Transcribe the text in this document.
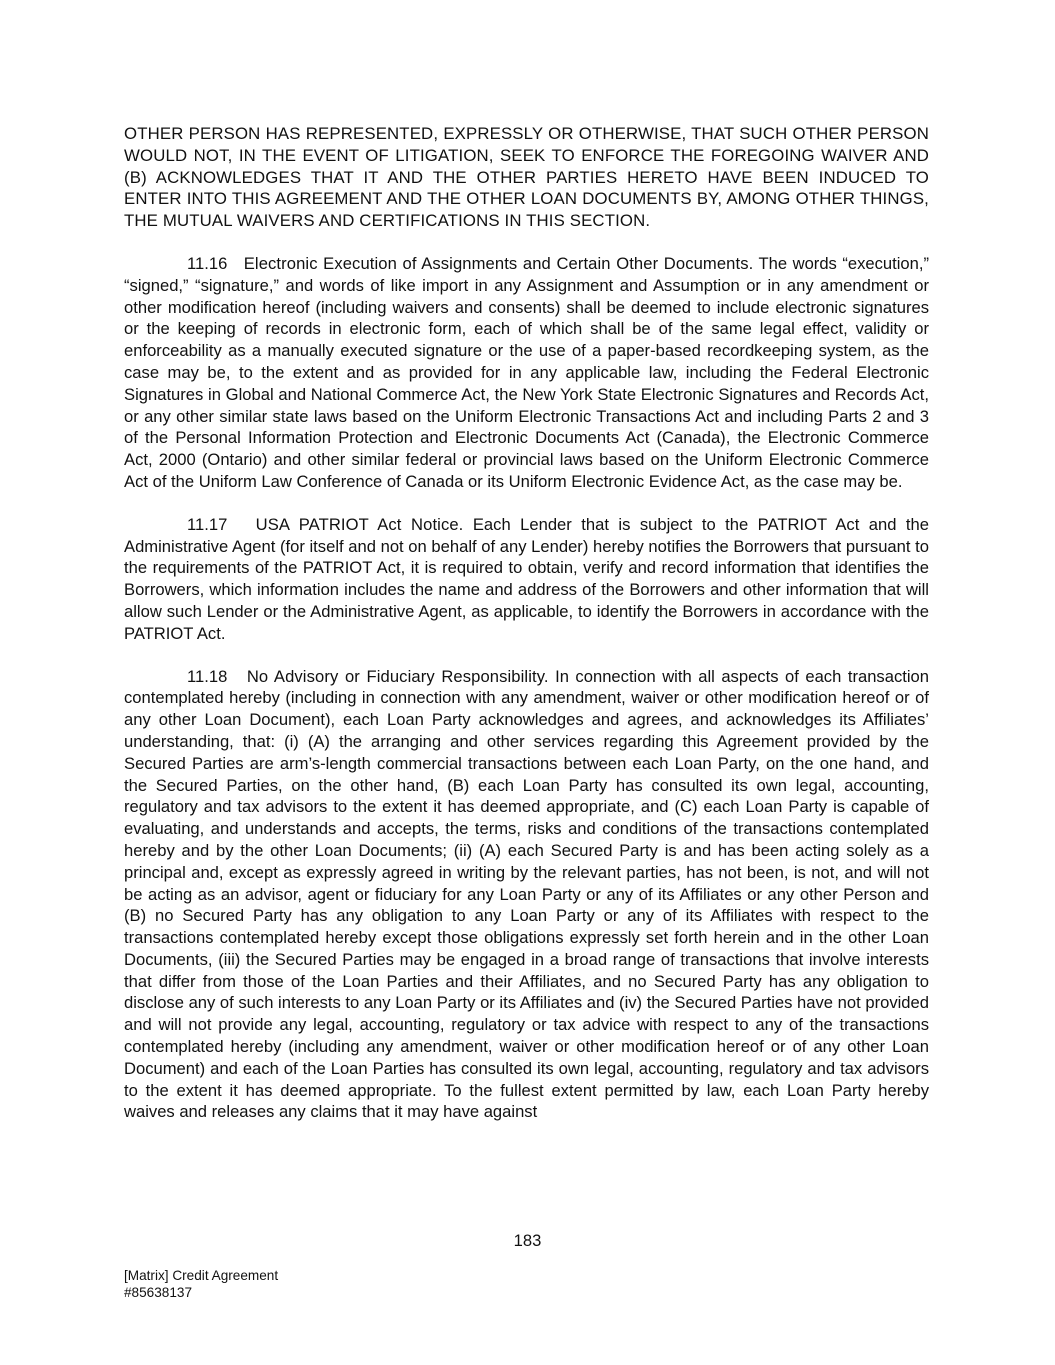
OTHER PERSON HAS REPRESENTED, EXPRESSLY OR OTHERWISE, THAT SUCH OTHER PERSON WOULD NOT, IN THE EVENT OF LITIGATION, SEEK TO ENFORCE THE FOREGOING WAIVER AND (B) ACKNOWLEDGES THAT IT AND THE OTHER PARTIES HERETO HAVE BEEN INDUCED TO ENTER INTO THIS AGREEMENT AND THE OTHER LOAN DOCUMENTS BY, AMONG OTHER THINGS, THE MUTUAL WAIVERS AND CERTIFICATIONS IN THIS SECTION.

11.16 Electronic Execution of Assignments and Certain Other Documents. The words “execution,” “signed,” “signature,” and words of like import in any Assignment and Assumption or in any amendment or other modification hereof (including waivers and consents) shall be deemed to include electronic signatures or the keeping of records in electronic form, each of which shall be of the same legal effect, validity or enforceability as a manually executed signature or the use of a paper-based recordkeeping system, as the case may be, to the extent and as provided for in any applicable law, including the Federal Electronic Signatures in Global and National Commerce Act, the New York State Electronic Signatures and Records Act, or any other similar state laws based on the Uniform Electronic Transactions Act and including Parts 2 and 3 of the Personal Information Protection and Electronic Documents Act (Canada), the Electronic Commerce Act, 2000 (Ontario) and other similar federal or provincial laws based on the Uniform Electronic Commerce Act of the Uniform Law Conference of Canada or its Uniform Electronic Evidence Act, as the case may be.

11.17 USA PATRIOT Act Notice. Each Lender that is subject to the PATRIOT Act and the Administrative Agent (for itself and not on behalf of any Lender) hereby notifies the Borrowers that pursuant to the requirements of the PATRIOT Act, it is required to obtain, verify and record information that identifies the Borrowers, which information includes the name and address of the Borrowers and other information that will allow such Lender or the Administrative Agent, as applicable, to identify the Borrowers in accordance with the PATRIOT Act.

11.18 No Advisory or Fiduciary Responsibility. In connection with all aspects of each transaction contemplated hereby (including in connection with any amendment, waiver or other modification hereof or of any other Loan Document), each Loan Party acknowledges and agrees, and acknowledges its Affiliates’ understanding, that: (i) (A) the arranging and other services regarding this Agreement provided by the Secured Parties are arm’s-length commercial transactions between each Loan Party, on the one hand, and the Secured Parties, on the other hand, (B) each Loan Party has consulted its own legal, accounting, regulatory and tax advisors to the extent it has deemed appropriate, and (C) each Loan Party is capable of evaluating, and understands and accepts, the terms, risks and conditions of the transactions contemplated hereby and by the other Loan Documents; (ii) (A) each Secured Party is and has been acting solely as a principal and, except as expressly agreed in writing by the relevant parties, has not been, is not, and will not be acting as an advisor, agent or fiduciary for any Loan Party or any of its Affiliates or any other Person and (B) no Secured Party has any obligation to any Loan Party or any of its Affiliates with respect to the transactions contemplated hereby except those obligations expressly set forth herein and in the other Loan Documents, (iii) the Secured Parties may be engaged in a broad range of transactions that involve interests that differ from those of the Loan Parties and their Affiliates, and no Secured Party has any obligation to disclose any of such interests to any Loan Party or its Affiliates and (iv) the Secured Parties have not provided and will not provide any legal, accounting, regulatory or tax advice with respect to any of the transactions contemplated hereby (including any amendment, waiver or other modification hereof or of any other Loan Document) and each of the Loan Parties has consulted its own legal, accounting, regulatory and tax advisors to the extent it has deemed appropriate. To the fullest extent permitted by law, each Loan Party hereby waives and releases any claims that it may have against

183
[Matrix] Credit Agreement
#85638137
